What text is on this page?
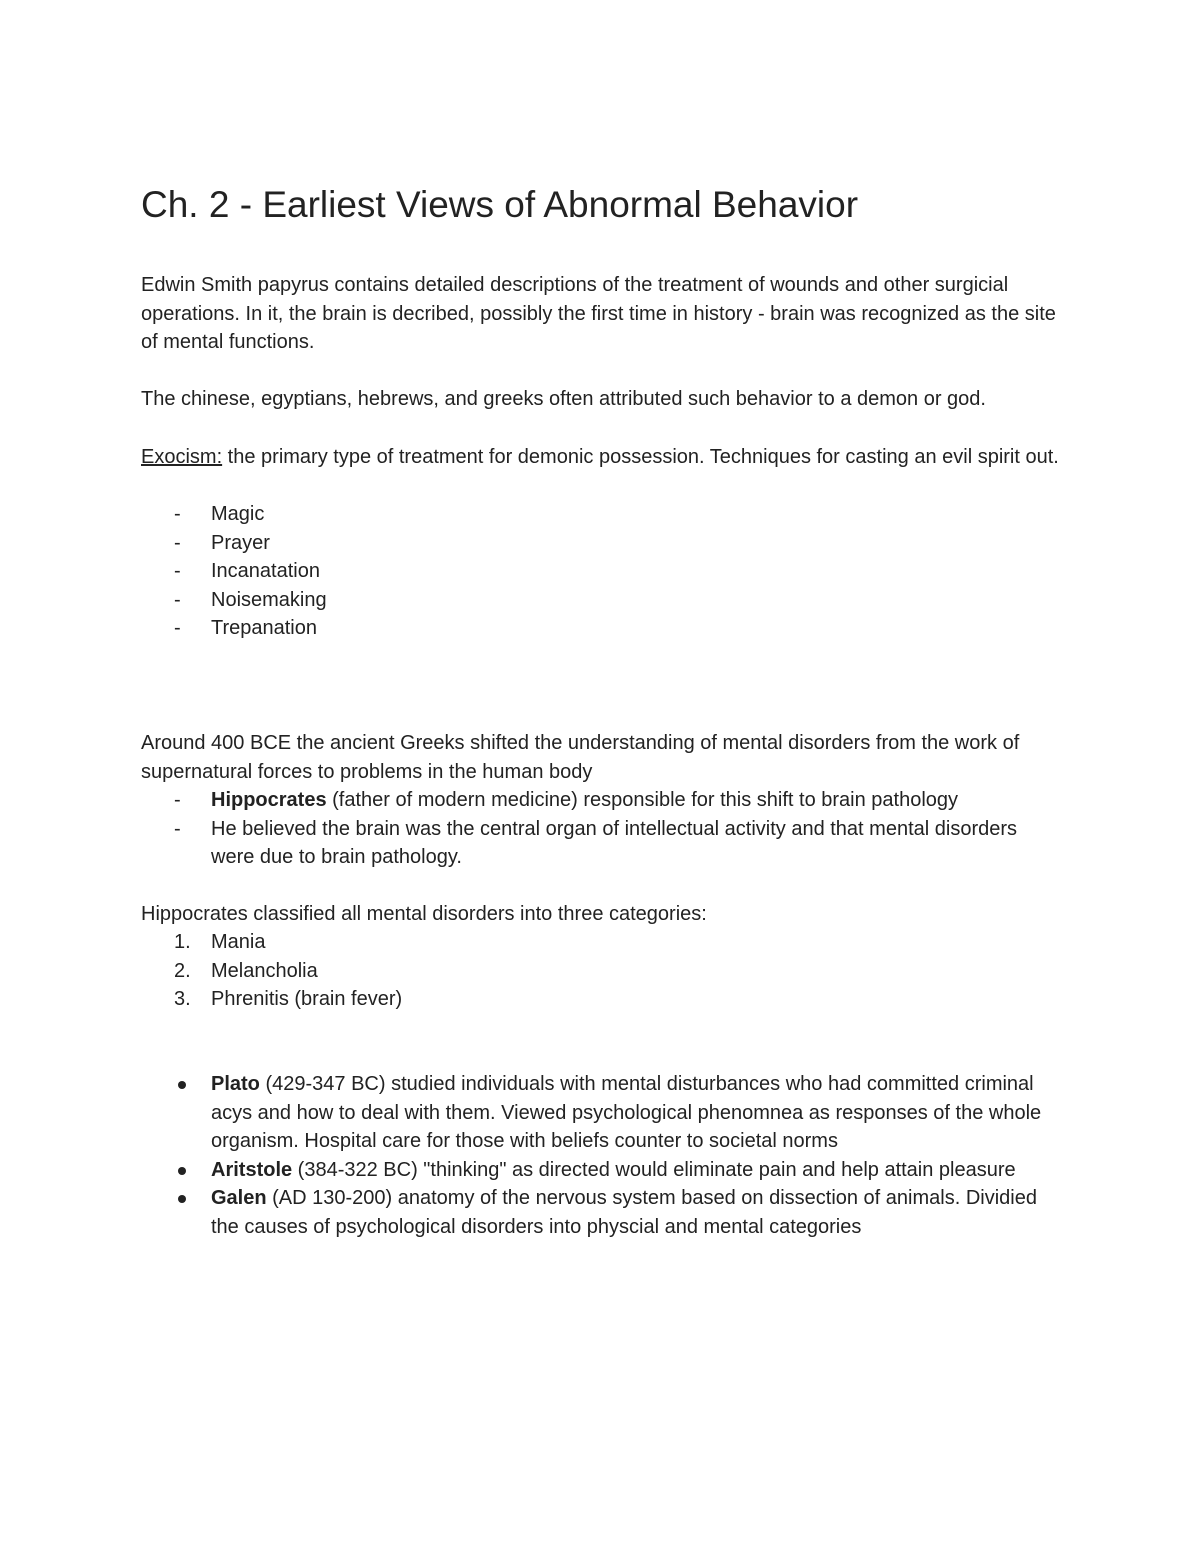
Ch. 2 - Earliest Views of Abnormal Behavior

Edwin Smith papyrus contains detailed descriptions of the treatment of wounds and other surgicial operations. In it, the brain is decribed, possibly the first time in history - brain was recognized as the site of mental functions.

The chinese, egyptians, hebrews, and greeks often attributed such behavior to a demon or god.

Exocism: the primary type of treatment for demonic possession. Techniques for casting an evil spirit out.

- Magic
- Prayer
- Incanatation
- Noisemaking
- Trepanation

Around 400 BCE the ancient Greeks shifted the understanding of mental disorders from the work of supernatural forces to problems in the human body

- Hippocrates (father of modern medicine) responsible for this shift to brain pathology
- He believed the brain was the central organ of intellectual activity and that mental disorders were due to brain pathology.

Hippocrates classified all mental disorders into three categories:

1. Mania
2. Melancholia
3. Phrenitis (brain fever)
Plato (429-347 BC) studied individuals with mental disturbances who had committed criminal acys and how to deal with them. Viewed psychological phenomnea as responses of the whole organism. Hospital care for those with beliefs counter to societal norms
Aritstole (384-322 BC) "thinking" as directed would eliminate pain and help attain pleasure
Galen (AD 130-200) anatomy of the nervous system based on dissection of animals. Dividied the causes of psychological disorders into physcial and mental categories
